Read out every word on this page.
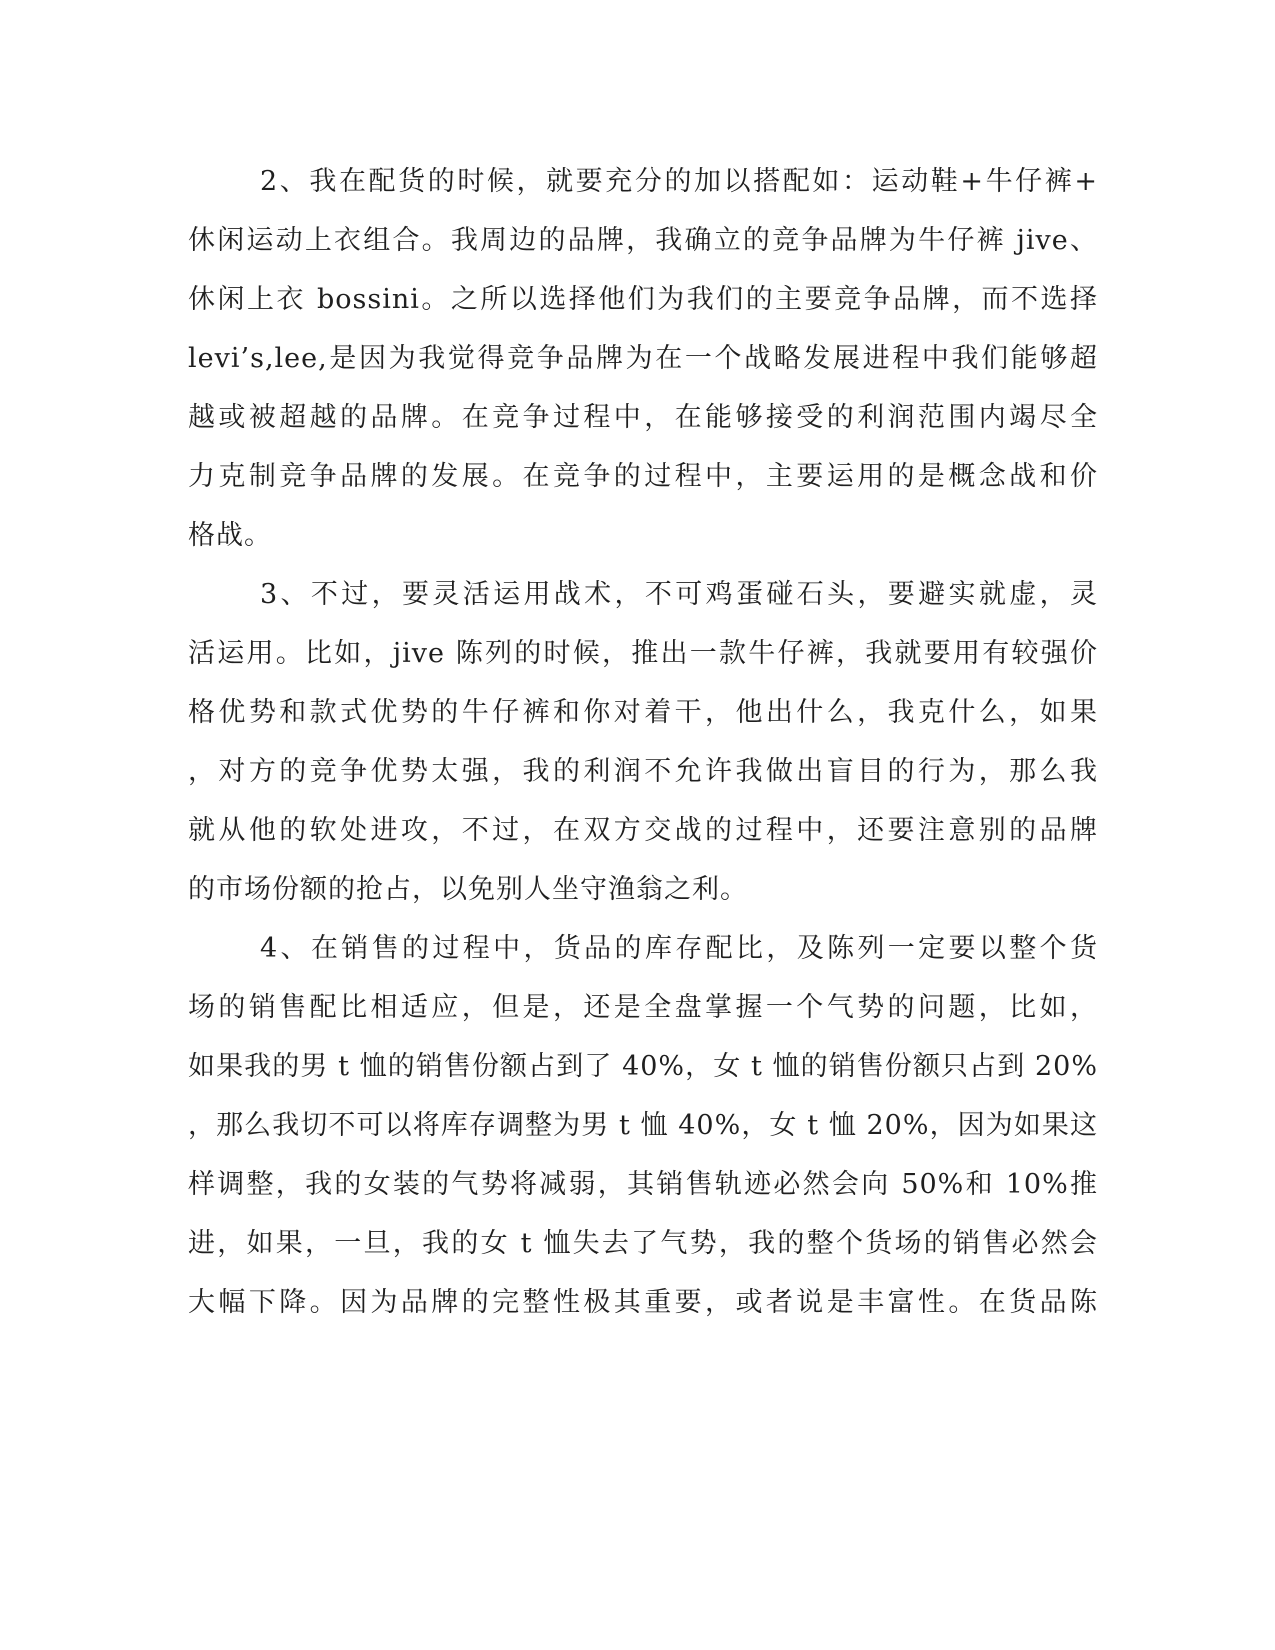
2、我在配货的时候，就要充分的加以搭配如：运动鞋+牛仔裤+
休闲运动上衣组合。我周边的品牌，我确立的竞争品牌为牛仔裤 jive、
休闲上衣 bossini。之所以选择他们为我们的主要竞争品牌，而不选择
levi’s,lee,是因为我觉得竞争品牌为在一个战略发展进程中我们能够超
越或被超越的品牌。在竞争过程中，在能够接受的利润范围内竭尽全
力克制竞争品牌的发展。在竞争的过程中，主要运用的是概念战和价
格战。
3、不过，要灵活运用战术，不可鸡蛋碰石头，要避实就虚，灵
活运用。比如，jive 陈列的时候，推出一款牛仔裤，我就要用有较强价
格优势和款式优势的牛仔裤和你对着干，他出什么，我克什么，如果
，对方的竞争优势太强，我的利润不允许我做出盲目的行为，那么我
就从他的软处进攻，不过，在双方交战的过程中，还要注意别的品牌
的市场份额的抢占，以免别人坐守渔翁之利。
4、在销售的过程中，货品的库存配比，及陈列一定要以整个货
场的销售配比相适应，但是，还是全盘掌握一个气势的问题，比如，
如果我的男 t 恤的销售份额占到了 40%，女 t 恤的销售份额只占到 20%
，那么我切不可以将库存调整为男 t 恤 40%，女 t 恤 20%，因为如果这
样调整，我的女装的气势将减弱，其销售轨迹必然会向 50%和 10%推
进，如果，一旦，我的女 t 恤失去了气势，我的整个货场的销售必然会
大幅下降。因为品牌的完整性极其重要，或者说是丰富性。在货品陈
